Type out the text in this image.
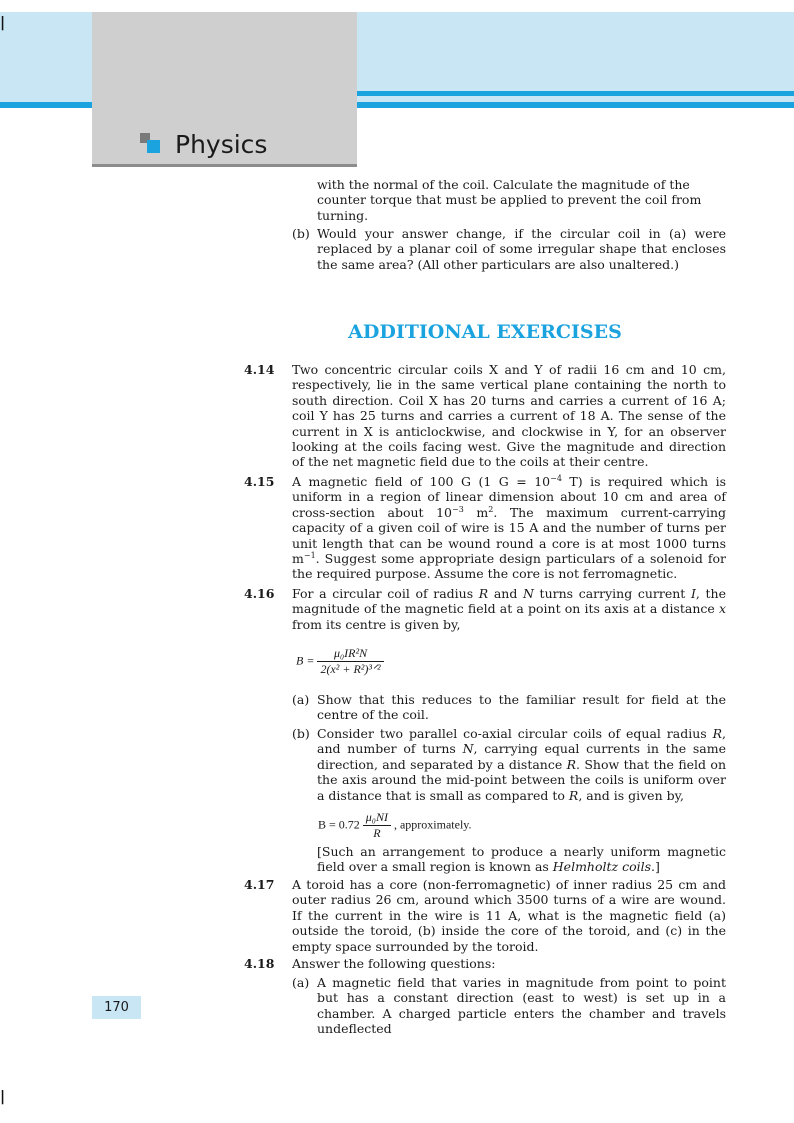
|
|
Physics
with the normal of the coil. Calculate the magnitude of the
counter torque that must be applied to prevent the coil from
turning.
(b) Would your answer change, if the circular coil in (a) were replaced by a planar coil of some irregular shape that encloses the same area? (All other particulars are also unaltered.)
ADDITIONAL EXERCISES
4.14 Two concentric circular coils X and Y of radii 16 cm and 10 cm, respectively, lie in the same vertical plane containing the north to south direction. Coil X has 20 turns and carries a current of 16 A; coil Y has 25 turns and carries a current of 18 A. The sense of the current in X is anticlockwise, and clockwise in Y, for an observer looking at the coils facing west. Give the magnitude and direction of the net magnetic field due to the coils at their centre.
4.15 A magnetic field of 100 G (1 $G = 10^{-4}$ T) is required which is uniform in a region of linear dimension about 10 cm and area of cross-section about $10^{-3}$ $m^2$. The maximum current-carrying capacity of a given coil of wire is 15 A and the number of turns per unit length that can be wound round a core is at most 1000 turns $m^{-1}$. Suggest some appropriate design particulars of a solenoid for the required purpose. Assume the core is not ferromagnetic.
4.16 For a circular coil of radius R and N turns carrying current I, the magnitude of the magnetic field at a point on its axis at a distance x from its centre is given by,
$B = \frac{\text{μ₀IR²N}}{\text{2(x² + R²)³ᐟ²}}$
(a) Show that this reduces to the familiar result for field at the centre of the coil.
(b) Consider two parallel co-axial circular coils of equal radius R, and number of turns N, carrying equal currents in the same direction, and separated by a distance R. Show that the field on the axis around the mid-point between the coils is uniform over a distance that is small as compared to R, and is given by,
$B = 0.72 \frac{\text{μ₀NI}}{R}$ , approximately.
[Such an arrangement to produce a nearly uniform magnetic field over a small region is known as Helmholtz coils.]
4.17 A toroid has a core (non-ferromagnetic) of inner radius 25 cm and outer radius 26 cm, around which 3500 turns of a wire are wound. If the current in the wire is 11 A, what is the magnetic field (a) outside the toroid, (b) inside the core of the toroid, and (c) in the empty space surrounded by the toroid.
4.18 Answer the following questions:
(a) A magnetic field that varies in magnitude from point to point but has a constant direction (east to west) is set up in a chamber. A charged particle enters the chamber and travels undeflected
170
